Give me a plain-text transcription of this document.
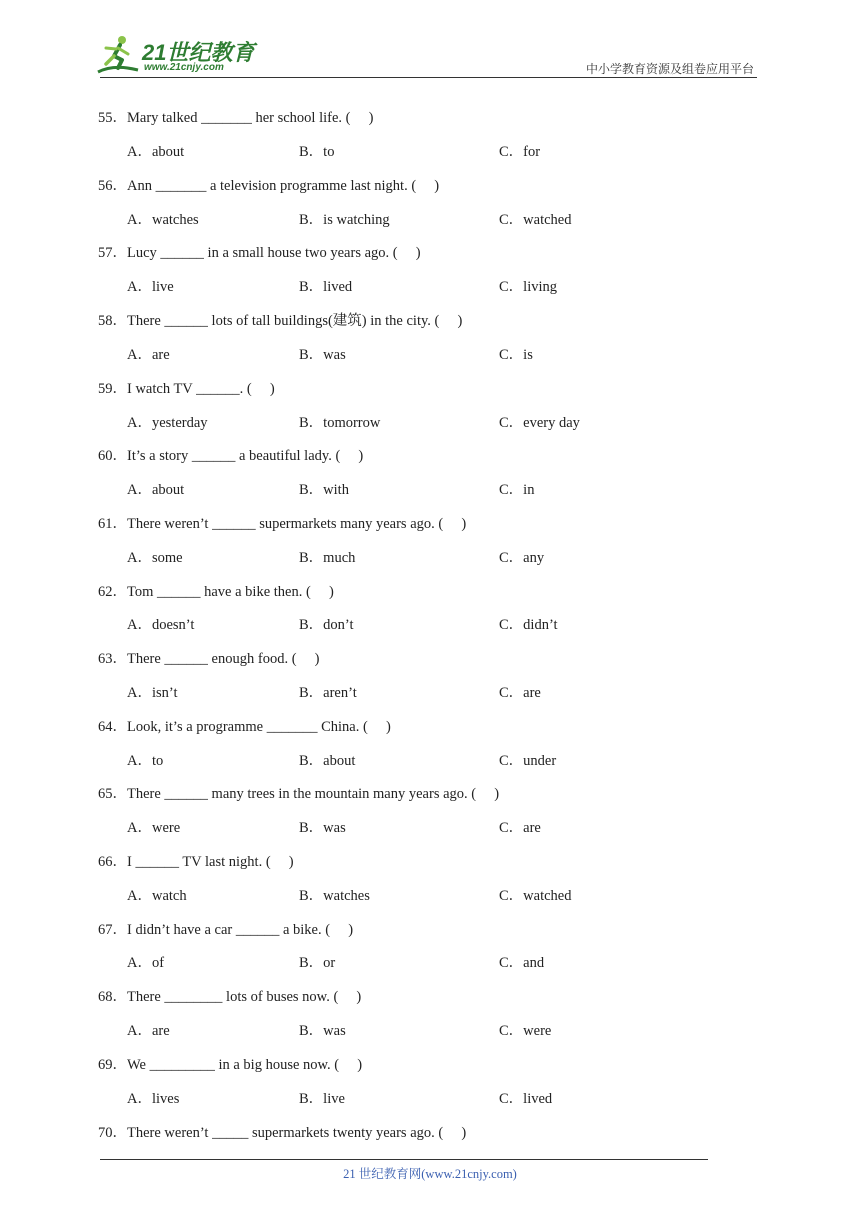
21世纪教育
www.21cnjy.com	中小学教育资源及组卷应用平台
55．Mary talked _______ her school life. (     )
A．about	B．to	C．for
56．Ann _______ a television programme last night. (     )
A．watches	B．is watching	C．watched
57．Lucy ______ in a small house two years ago. (     )
A．live	B．lived	C．living
58．There ______ lots of tall buildings(建筑) in the city. (     )
A．are	B．was	C．is
59．I watch TV ______. (     )
A．yesterday	B．tomorrow	C．every day
60．It’s a story ______ a beautiful lady. (     )
A．about	B．with	C．in
61．There weren’t ______ supermarkets many years ago. (     )
A．some	B．much	C．any
62．Tom ______ have a bike then. (     )
A．doesn’t	B．don’t	C．didn’t
63．There ______ enough food. (     )
A．isn’t	B．aren’t	C．are
64．Look, it’s a programme _______ China. (     )
A．to	B．about	C．under
65．There ______ many trees in the mountain many years ago. (     )
A．were	B．was	C．are
66．I ______ TV last night. (     )
A．watch	B．watches	C．watched
67．I didn’t have a car ______ a bike. (     )
A．of	B．or	C．and
68．There ________ lots of buses now. (     )
A．are	B．was	C．were
69．We _________ in a big house now. (     )
A．lives	B．live	C．lived
70．There weren’t _____ supermarkets twenty years ago. (     )
21 世纪教育网(www.21cnjy.com)
